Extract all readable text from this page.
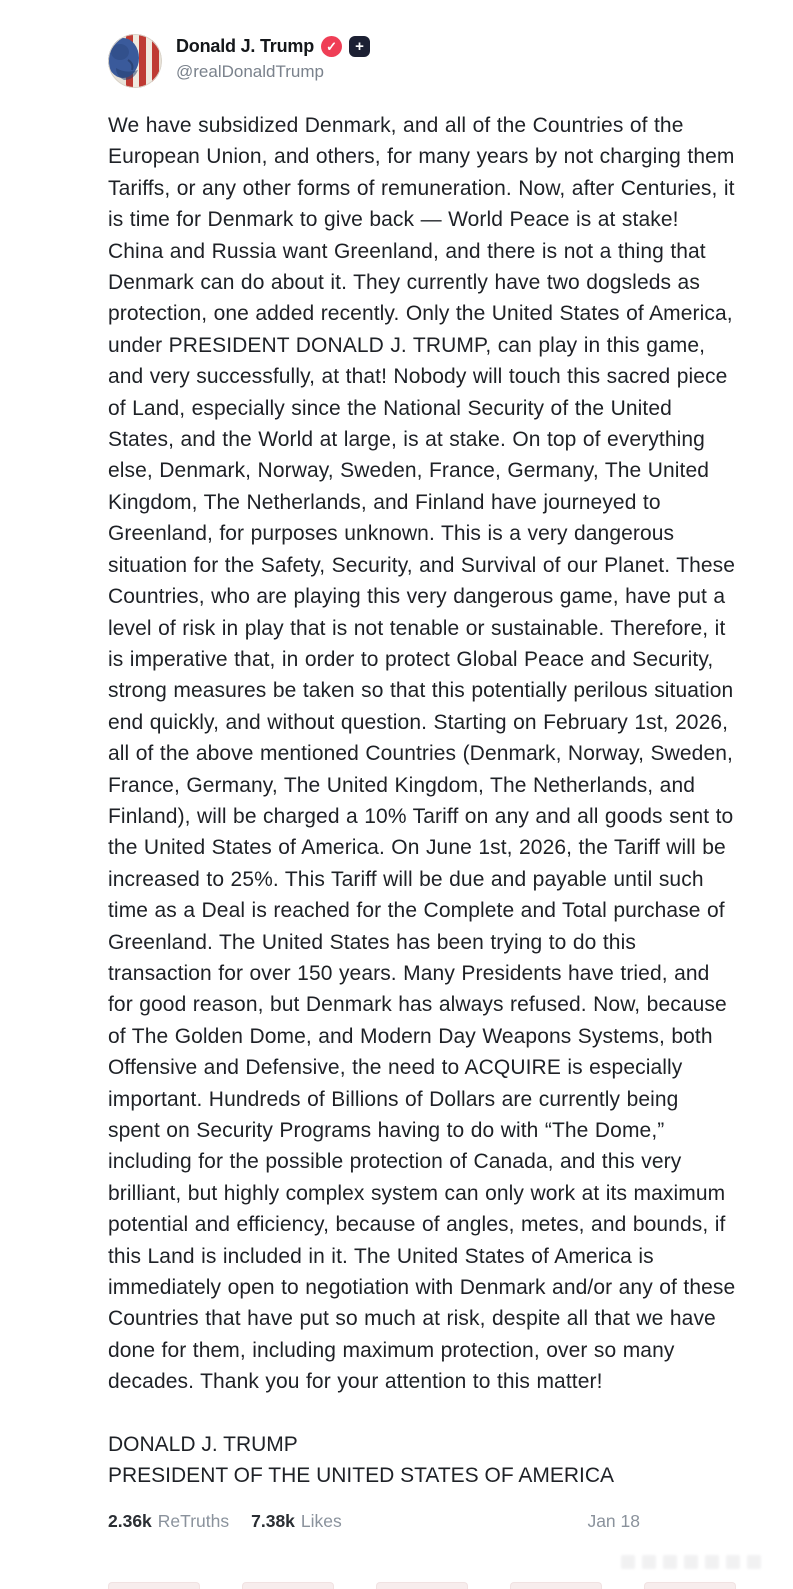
Donald J. Trump ✓ +
@realDonaldTrump

We have subsidized Denmark, and all of the Countries of the European Union, and others, for many years by not charging them Tariffs, or any other forms of remuneration. Now, after Centuries, it is time for Denmark to give back — World Peace is at stake! China and Russia want Greenland, and there is not a thing that Denmark can do about it. They currently have two dogsleds as protection, one added recently. Only the United States of America, under PRESIDENT DONALD J. TRUMP, can play in this game, and very successfully, at that! Nobody will touch this sacred piece of Land, especially since the National Security of the United States, and the World at large, is at stake. On top of everything else, Denmark, Norway, Sweden, France, Germany, The United Kingdom, The Netherlands, and Finland have journeyed to Greenland, for purposes unknown. This is a very dangerous situation for the Safety, Security, and Survival of our Planet. These Countries, who are playing this very dangerous game, have put a level of risk in play that is not tenable or sustainable. Therefore, it is imperative that, in order to protect Global Peace and Security, strong measures be taken so that this potentially perilous situation end quickly, and without question. Starting on February 1st, 2026, all of the above mentioned Countries (Denmark, Norway, Sweden, France, Germany, The United Kingdom, The Netherlands, and Finland), will be charged a 10% Tariff on any and all goods sent to the United States of America. On June 1st, 2026, the Tariff will be increased to 25%. This Tariff will be due and payable until such time as a Deal is reached for the Complete and Total purchase of Greenland. The United States has been trying to do this transaction for over 150 years. Many Presidents have tried, and for good reason, but Denmark has always refused. Now, because of The Golden Dome, and Modern Day Weapons Systems, both Offensive and Defensive, the need to ACQUIRE is especially important. Hundreds of Billions of Dollars are currently being spent on Security Programs having to do with “The Dome,” including for the possible protection of Canada, and this very brilliant, but highly complex system can only work at its maximum potential and efficiency, because of angles, metes, and bounds, if this Land is included in it. The United States of America is immediately open to negotiation with Denmark and/or any of these Countries that have put so much at risk, despite all that we have done for them, including maximum protection, over so many decades. Thank you for your attention to this matter!

DONALD J. TRUMP
PRESIDENT OF THE UNITED STATES OF AMERICA
2.36k ReTruths 7.38k Likes	Jan 18
